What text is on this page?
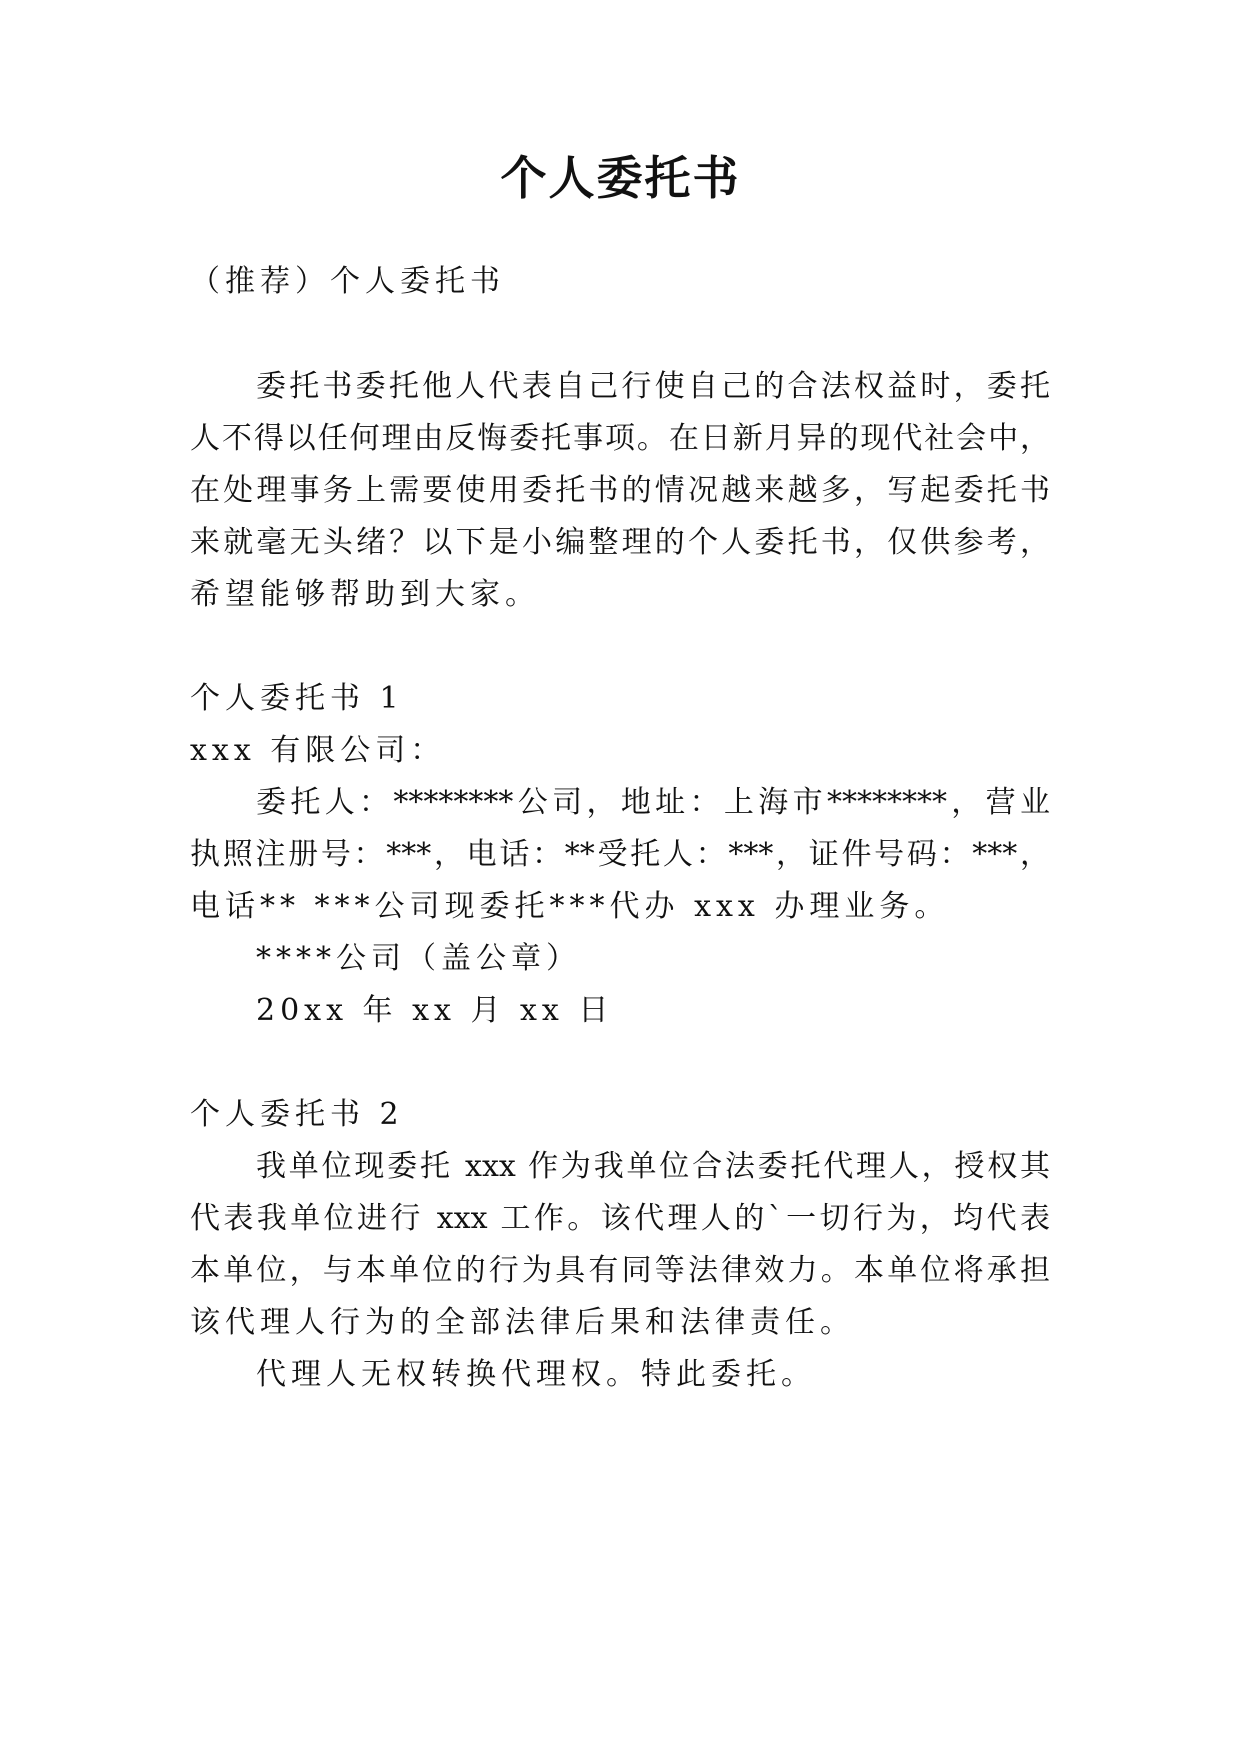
个人委托书

（推荐）个人委托书

委托书委托他人代表自己行使自己的合法权益时，委托

人不得以任何理由反悔委托事项。在日新月异的现代社会中，

在处理事务上需要使用委托书的情况越来越多，写起委托书

来就毫无头绪？以下是小编整理的个人委托书，仅供参考，

希望能够帮助到大家。

个人委托书 1

xxx 有限公司：

委托人：********公司，地址：上海市********，营业

执照注册号：***，电话：**受托人：***，证件号码：***，

电话** ***公司现委托***代办 xxx 办理业务。

****公司（盖公章）

20xx 年 xx 月 xx 日

个人委托书 2

我单位现委托 xxx 作为我单位合法委托代理人，授权其

代表我单位进行 xxx 工作。该代理人的`一切行为，均代表

本单位，与本单位的行为具有同等法律效力。本单位将承担

该代理人行为的全部法律后果和法律责任。

代理人无权转换代理权。特此委托。
